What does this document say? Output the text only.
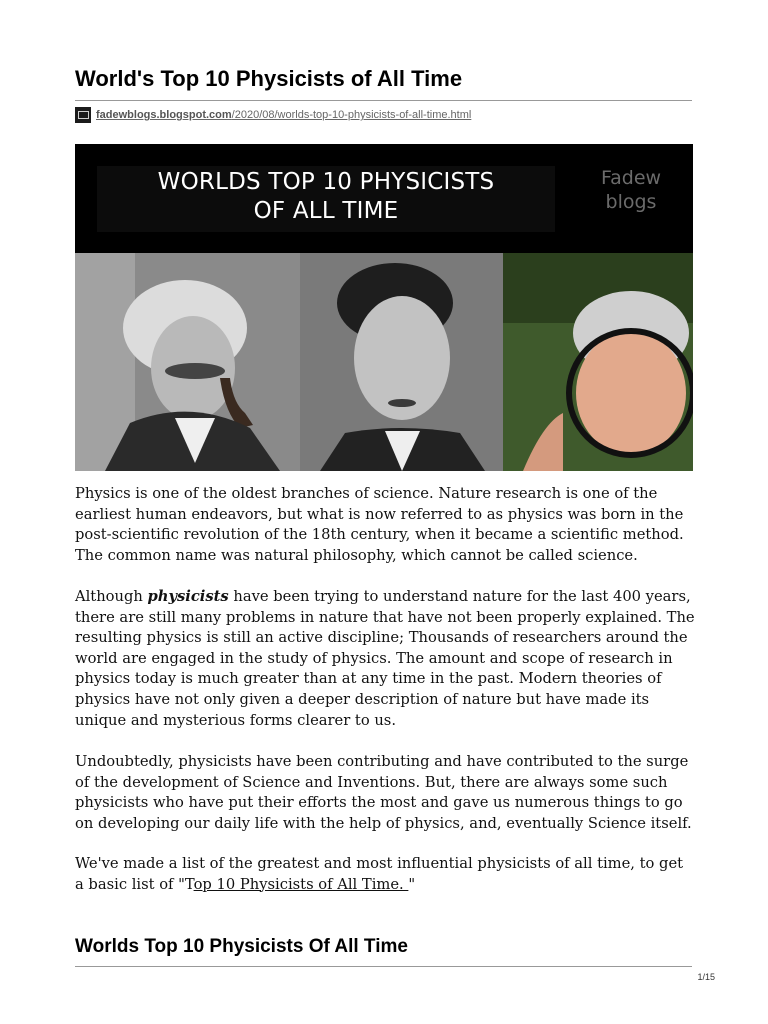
World's Top 10 Physicists of All Time
fadewblogs.blogspot.com/2020/08/worlds-top-10-physicists-of-all-time.html
WORLDS TOP 10 PHYSICISTS
OF ALL TIME
Fadew
blogs

Physics is one of the oldest branches of science. Nature research is one of the earliest human endeavors, but what is now referred to as physics was born in the post-scientific revolution of the 18th century, when it became a scientific method. The common name was natural philosophy, which cannot be called science.

Although physicists have been trying to understand nature for the last 400 years, there are still many problems in nature that have not been properly explained. The resulting physics is still an active discipline; Thousands of researchers around the world are engaged in the study of physics. The amount and scope of research in physics today is much greater than at any time in the past. Modern theories of physics have not only given a deeper description of nature but have made its unique and mysterious forms clearer to us.

Undoubtedly, physicists have been contributing and have contributed to the surge of the development of Science and Inventions. But, there are always some such physicists who have put their efforts the most and gave us numerous things to go on developing our daily life with the help of physics, and, eventually Science itself.

We've made a list of the greatest and most influential physicists of all time, to get a basic list of "Top 10 Physicists of All Time. "

Worlds Top 10 Physicists Of All Time
1/15
